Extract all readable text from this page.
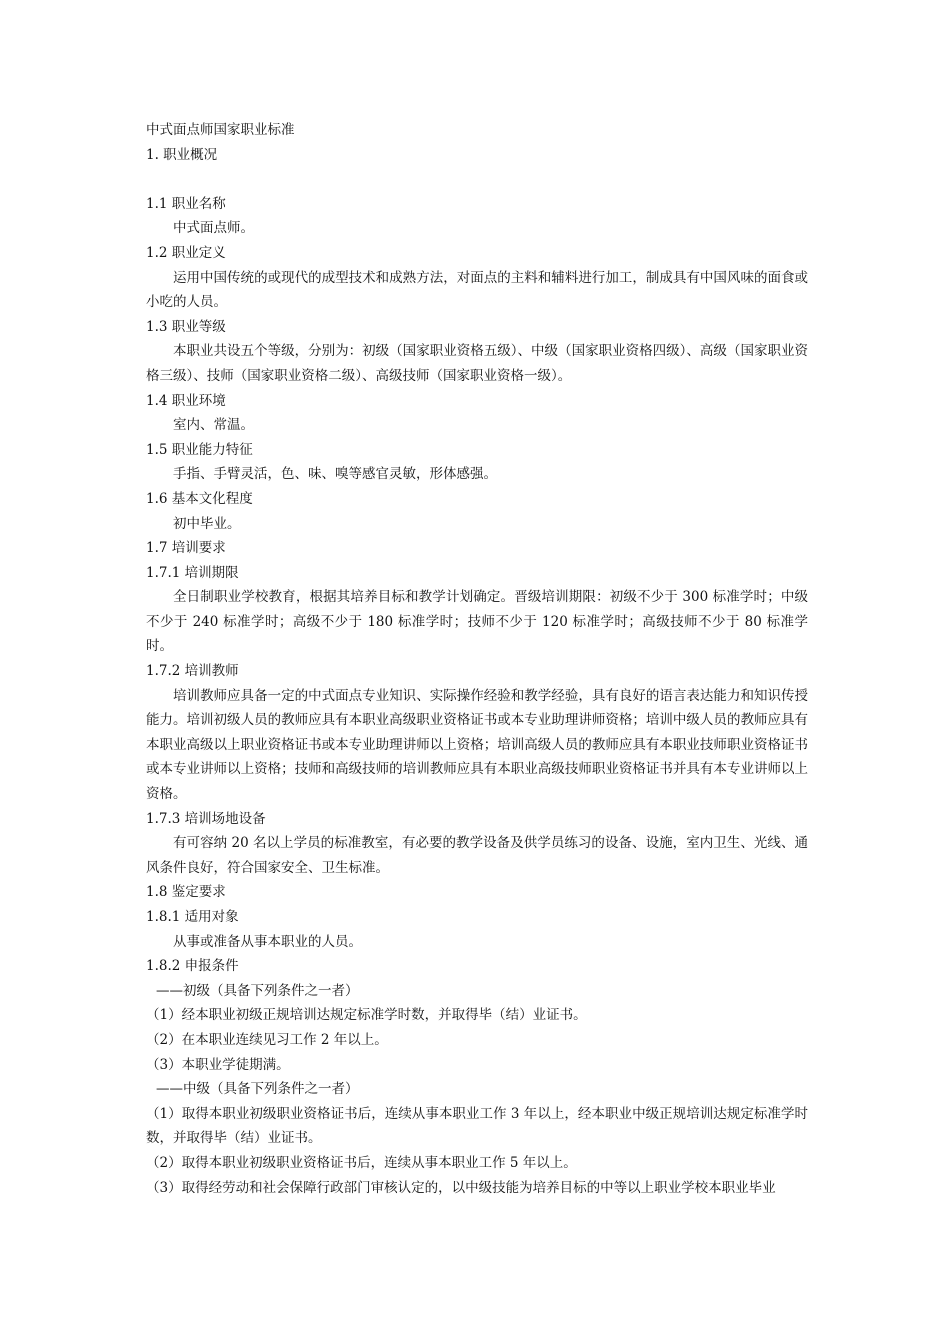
中式面点师国家职业标准
1. 职业概况
1.1 职业名称
中式面点师。
1.2 职业定义
运用中国传统的或现代的成型技术和成熟方法，对面点的主料和辅料进行加工，制成具有中国风味的面食或小吃的人员。
1.3 职业等级
本职业共设五个等级，分别为：初级（国家职业资格五级）、中级（国家职业资格四级）、高级（国家职业资格三级）、技师（国家职业资格二级）、高级技师（国家职业资格一级）。
1.4 职业环境
室内、常温。
1.5 职业能力特征
手指、手臂灵活，色、味、嗅等感官灵敏，形体感强。
1.6 基本文化程度
初中毕业。
1.7 培训要求
1.7.1 培训期限
全日制职业学校教育，根据其培养目标和教学计划确定。晋级培训期限：初级不少于 300 标准学时；中级不少于 240 标准学时；高级不少于 180 标准学时；技师不少于 120 标准学时；高级技师不少于 80 标准学时。
1.7.2 培训教师
培训教师应具备一定的中式面点专业知识、实际操作经验和教学经验，具有良好的语言表达能力和知识传授能力。培训初级人员的教师应具有本职业高级职业资格证书或本专业助理讲师资格；培训中级人员的教师应具有本职业高级以上职业资格证书或本专业助理讲师以上资格；培训高级人员的教师应具有本职业技师职业资格证书或本专业讲师以上资格；技师和高级技师的培训教师应具有本职业高级技师职业资格证书并具有本专业讲师以上资格。
1.7.3 培训场地设备
有可容纳 20 名以上学员的标准教室，有必要的教学设备及供学员练习的设备、设施，室内卫生、光线、通风条件良好，符合国家安全、卫生标准。
1.8 鉴定要求
1.8.1 适用对象
从事或准备从事本职业的人员。
1.8.2 申报条件
——初级（具备下列条件之一者）
（1）经本职业初级正规培训达规定标准学时数，并取得毕（结）业证书。
（2）在本职业连续见习工作 2 年以上。
（3）本职业学徒期满。
——中级（具备下列条件之一者）
（1）取得本职业初级职业资格证书后，连续从事本职业工作 3 年以上，经本职业中级正规培训达规定标准学时数，并取得毕（结）业证书。
（2）取得本职业初级职业资格证书后，连续从事本职业工作 5 年以上。
（3）取得经劳动和社会保障行政部门审核认定的，以中级技能为培养目标的中等以上职业学校本职业毕业
